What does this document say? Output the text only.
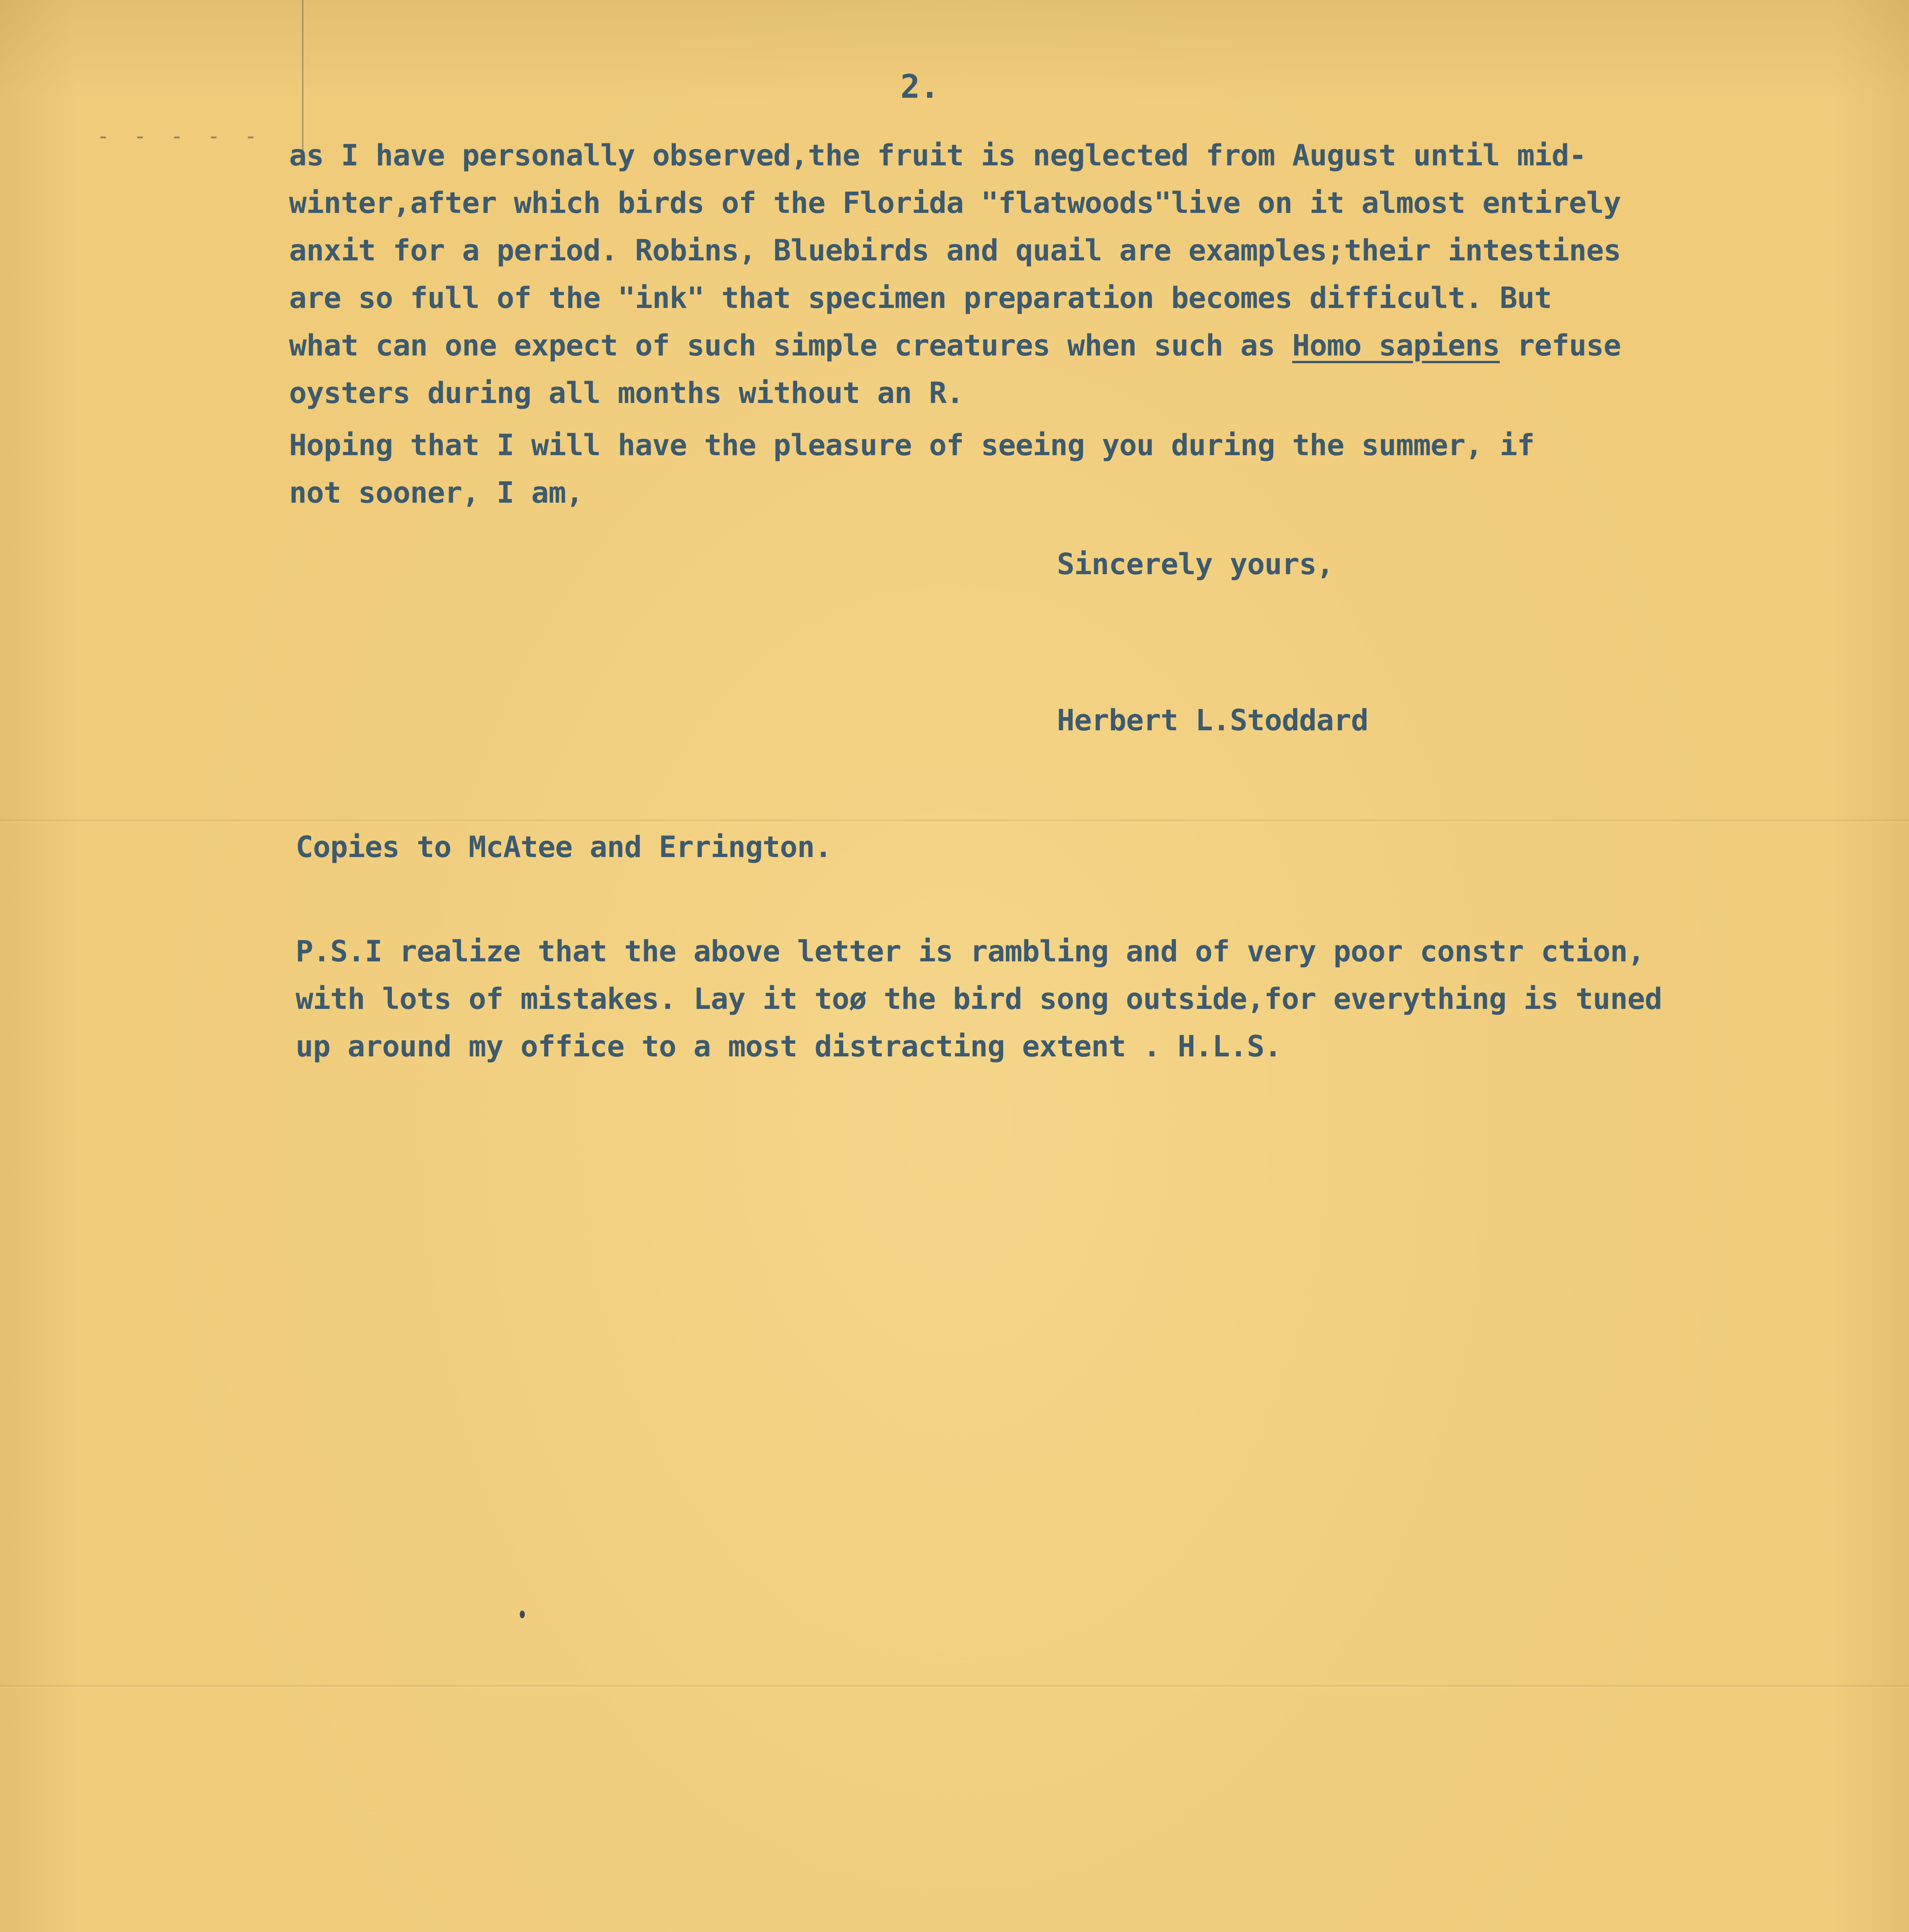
- - - - -
2.

as I have personally observed,the fruit is neglected from August until mid-
winter,after which birds of the Florida "flatwoods"live on it almost entirely
anxit for a period. Robins, Bluebirds and quail are examples;their intestines
are so full of the "ink" that specimen preparation becomes difficult. But
what can one expect of such simple creatures when such as Homo sapiens refuse
oysters during all months without an R.

Hoping that I will have the pleasure of seeing you during the summer, if
not sooner, I am,

Sincerely yours,

Herbert L.Stoddard

Copies to McAtee and Errington.

P.S.I realize that the above letter is rambling and of very poor constr ction,
with lots of mistakes. Lay it toø the bird song outside,for everything is tuned
up around my office to a most distracting extent . H.L.S.
